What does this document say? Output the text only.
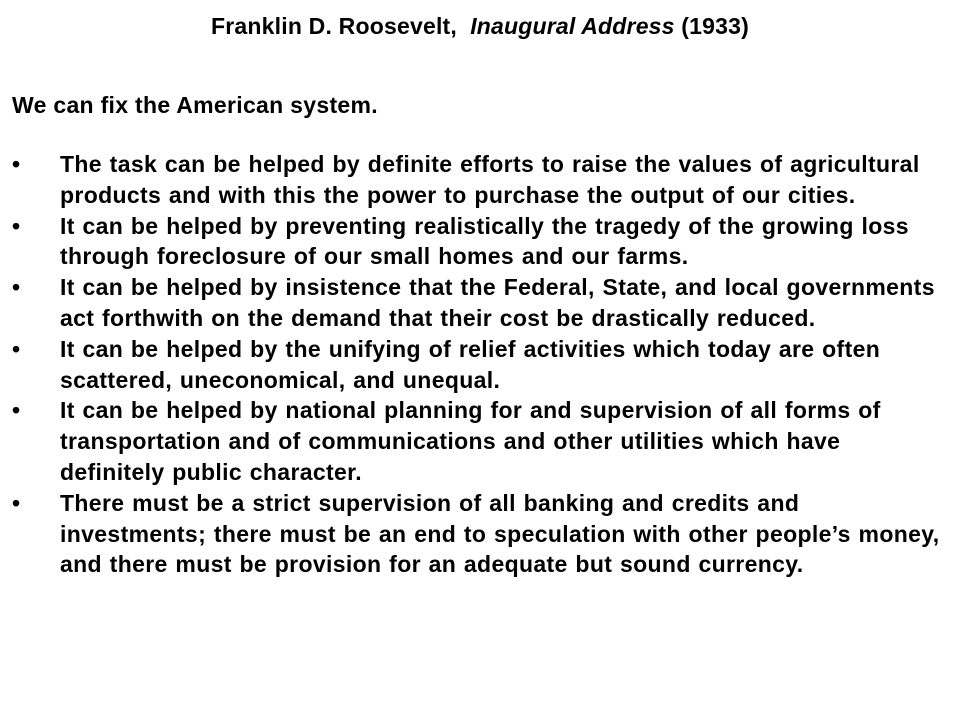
Franklin D. Roosevelt, Inaugural Address (1933)
We can fix the American system.
•	The task can be helped by definite efforts to raise the values of agricultural products and with this the power to purchase the output of our cities.
•	It can be helped by preventing realistically the tragedy of the growing loss through foreclosure of our small homes and our farms.
•	It can be helped by insistence that the Federal, State, and local governments act forthwith on the demand that their cost be drastically reduced.
•	It can be helped by the unifying of relief activities which today are often scattered, uneconomical, and unequal.
•	It can be helped by national planning for and supervision of all forms of transportation and of communications and other utilities which have definitely public character.
•	There must be a strict supervision of all banking and credits and investments; there must be an end to speculation with other people’s money, and there must be provision for an adequate but sound currency.
